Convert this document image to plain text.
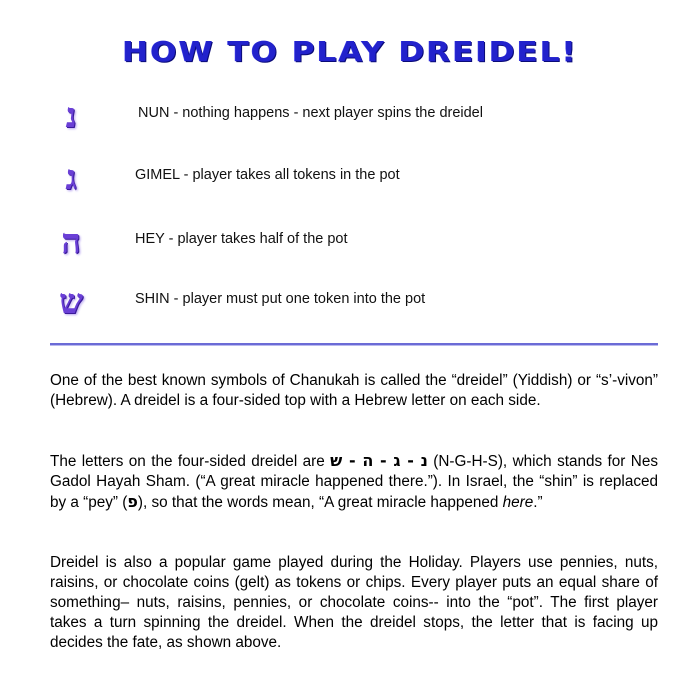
HOW TO PLAY DREIDEL!
נ	NUN - nothing happens - next player spins the dreidel
ג	GIMEL - player takes all tokens in the pot
ה	HEY - player takes half of the pot
ש	SHIN - player must put one token into the pot

One of the best known symbols of Chanukah is called the “dreidel” (Yiddish) or “s’-vivon” (Hebrew). A dreidel is a four-sided top with a Hebrew letter on each side.

The letters on the four-sided dreidel are נ - ג - ה - ש (N-G-H-S), which stands for Nes Gadol Hayah Sham. (“A great miracle happened there.”). In Israel, the “shin” is replaced by a “pey” (פ), so that the words mean, “A great miracle happened here.”

Dreidel is also a popular game played during the Holiday. Players use pennies, nuts, raisins, or chocolate coins (gelt) as tokens or chips. Every player puts an equal share of something– nuts, raisins, pennies, or chocolate coins-- into the “pot”. The first player takes a turn spinning the dreidel. When the dreidel stops, the letter that is facing up decides the fate, as shown above.
